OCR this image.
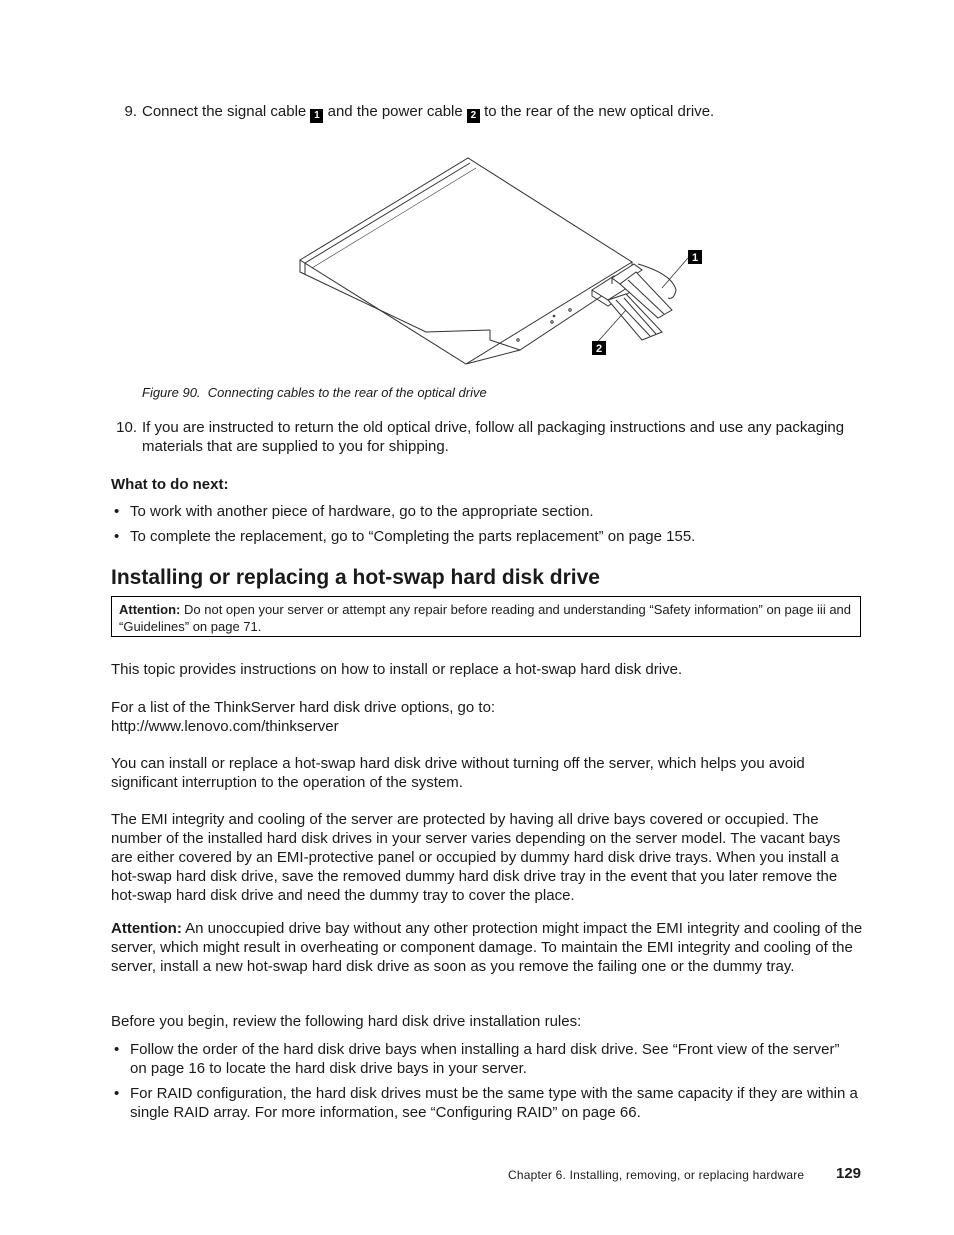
9. Connect the signal cable 1 and the power cable 2 to the rear of the new optical drive.
1
2
Figure 90. Connecting cables to the rear of the optical drive
10. If you are instructed to return the old optical drive, follow all packaging instructions and use any packaging materials that are supplied to you for shipping.
What to do next:
• To work with another piece of hardware, go to the appropriate section.
• To complete the replacement, go to “Completing the parts replacement” on page 155.
Installing or replacing a hot-swap hard disk drive
Attention: Do not open your server or attempt any repair before reading and understanding “Safety information” on page iii and “Guidelines” on page 71.
This topic provides instructions on how to install or replace a hot-swap hard disk drive.
For a list of the ThinkServer hard disk drive options, go to:
http://www.lenovo.com/thinkserver
You can install or replace a hot-swap hard disk drive without turning off the server, which helps you avoid significant interruption to the operation of the system.
The EMI integrity and cooling of the server are protected by having all drive bays covered or occupied. The number of the installed hard disk drives in your server varies depending on the server model. The vacant bays are either covered by an EMI-protective panel or occupied by dummy hard disk drive trays. When you install a hot-swap hard disk drive, save the removed dummy hard disk drive tray in the event that you later remove the hot-swap hard disk drive and need the dummy tray to cover the place.
Attention: An unoccupied drive bay without any other protection might impact the EMI integrity and cooling of the server, which might result in overheating or component damage. To maintain the EMI integrity and cooling of the server, install a new hot-swap hard disk drive as soon as you remove the failing one or the dummy tray.
Before you begin, review the following hard disk drive installation rules:
• Follow the order of the hard disk drive bays when installing a hard disk drive. See “Front view of the server” on page 16 to locate the hard disk drive bays in your server.
• For RAID configuration, the hard disk drives must be the same type with the same capacity if they are within a single RAID array. For more information, see “Configuring RAID” on page 66.
Chapter 6. Installing, removing, or replacing hardware 129
